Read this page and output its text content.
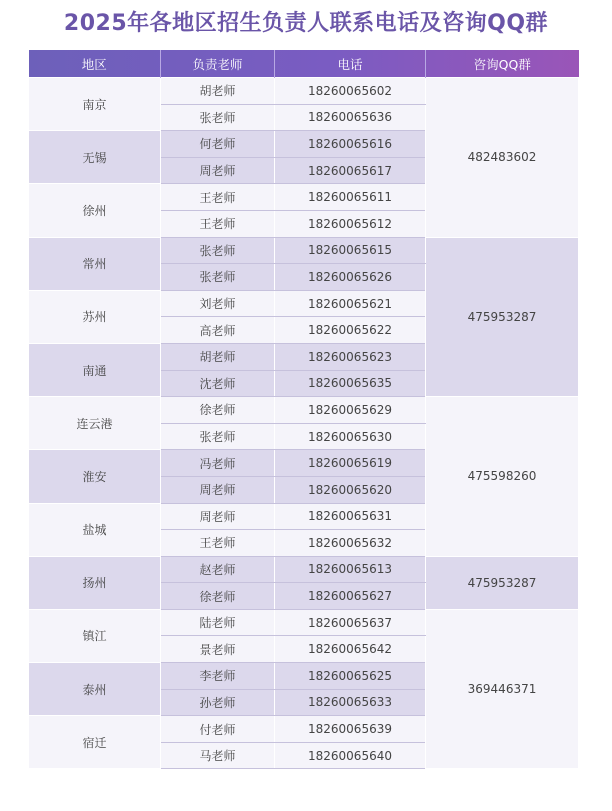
2025年各地区招生负责人联系电话及咨询QQ群
地区	负责老师	电话	咨询QQ群
南京	胡老师	18260065602	482483602
	张老师	18260065636	
无锡	何老师	18260065616	
	周老师	18260065617	
徐州	王老师	18260065611	
	王老师	18260065612	
常州	张老师	18260065615	475953287
	张老师	18260065626	
苏州	刘老师	18260065621	
	高老师	18260065622	
南通	胡老师	18260065623	
	沈老师	18260065635	
连云港	徐老师	18260065629	475598260
	张老师	18260065630	
淮安	冯老师	18260065619	
	周老师	18260065620	
盐城	周老师	18260065631	
	王老师	18260065632	
扬州	赵老师	18260065613	475953287
	徐老师	18260065627	
镇江	陆老师	18260065637	369446371
	景老师	18260065642	
泰州	李老师	18260065625	
	孙老师	18260065633	
宿迁	付老师	18260065639	
	马老师	18260065640	
